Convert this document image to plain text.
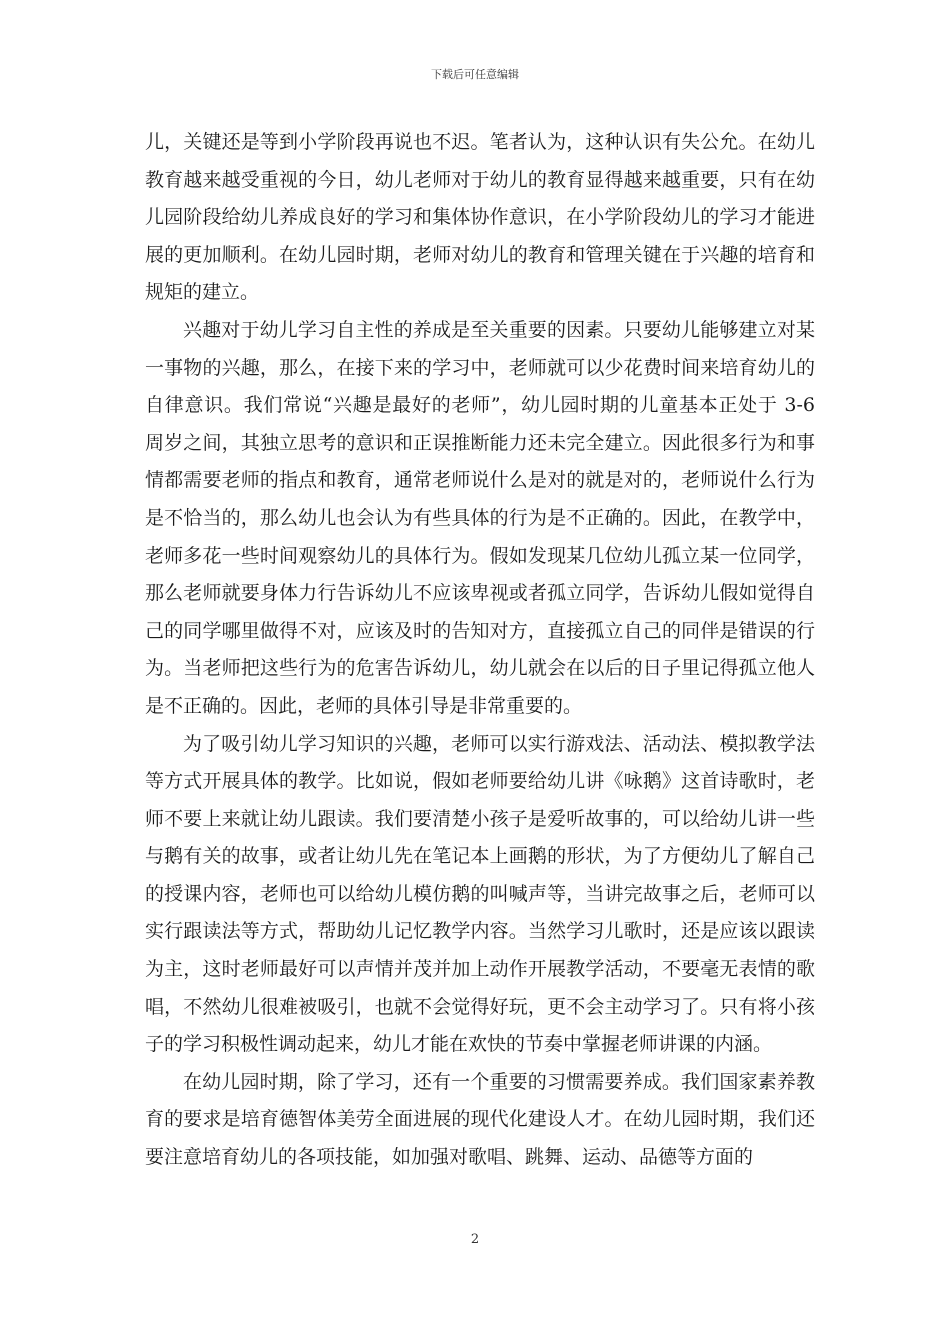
下载后可任意编辑

儿，关键还是等到小学阶段再说也不迟。笔者认为，这种认识有失公允。在幼儿教育越来越受重视的今日，幼儿老师对于幼儿的教育显得越来越重要，只有在幼儿园阶段给幼儿养成良好的学习和集体协作意识，在小学阶段幼儿的学习才能进展的更加顺利。在幼儿园时期，老师对幼儿的教育和管理关键在于兴趣的培育和规矩的建立。

兴趣对于幼儿学习自主性的养成是至关重要的因素。只要幼儿能够建立对某一事物的兴趣，那么，在接下来的学习中，老师就可以少花费时间来培育幼儿的自律意识。我们常说“兴趣是最好的老师”，幼儿园时期的儿童基本正处于 3-6 周岁之间，其独立思考的意识和正误推断能力还未完全建立。因此很多行为和事情都需要老师的指点和教育，通常老师说什么是对的就是对的，老师说什么行为是不恰当的，那么幼儿也会认为有些具体的行为是不正确的。因此，在教学中，老师多花一些时间观察幼儿的具体行为。假如发现某几位幼儿孤立某一位同学，那么老师就要身体力行告诉幼儿不应该卑视或者孤立同学，告诉幼儿假如觉得自己的同学哪里做得不对，应该及时的告知对方，直接孤立自己的同伴是错误的行为。当老师把这些行为的危害告诉幼儿，幼儿就会在以后的日子里记得孤立他人是不正确的。因此，老师的具体引导是非常重要的。

为了吸引幼儿学习知识的兴趣，老师可以实行游戏法、活动法、模拟教学法等方式开展具体的教学。比如说，假如老师要给幼儿讲《咏鹅》这首诗歌时，老师不要上来就让幼儿跟读。我们要清楚小孩子是爱听故事的，可以给幼儿讲一些与鹅有关的故事，或者让幼儿先在笔记本上画鹅的形状，为了方便幼儿了解自己的授课内容，老师也可以给幼儿模仿鹅的叫喊声等，当讲完故事之后，老师可以实行跟读法等方式，帮助幼儿记忆教学内容。当然学习儿歌时，还是应该以跟读为主，这时老师最好可以声情并茂并加上动作开展教学活动，不要毫无表情的歌唱，不然幼儿很难被吸引，也就不会觉得好玩，更不会主动学习了。只有将小孩子的学习积极性调动起来，幼儿才能在欢快的节奏中掌握老师讲课的内涵。

在幼儿园时期，除了学习，还有一个重要的习惯需要养成。我们国家素养教育的要求是培育德智体美劳全面进展的现代化建设人才。在幼儿园时期，我们还要注意培育幼儿的各项技能，如加强对歌唱、跳舞、运动、品德等方面的

2
